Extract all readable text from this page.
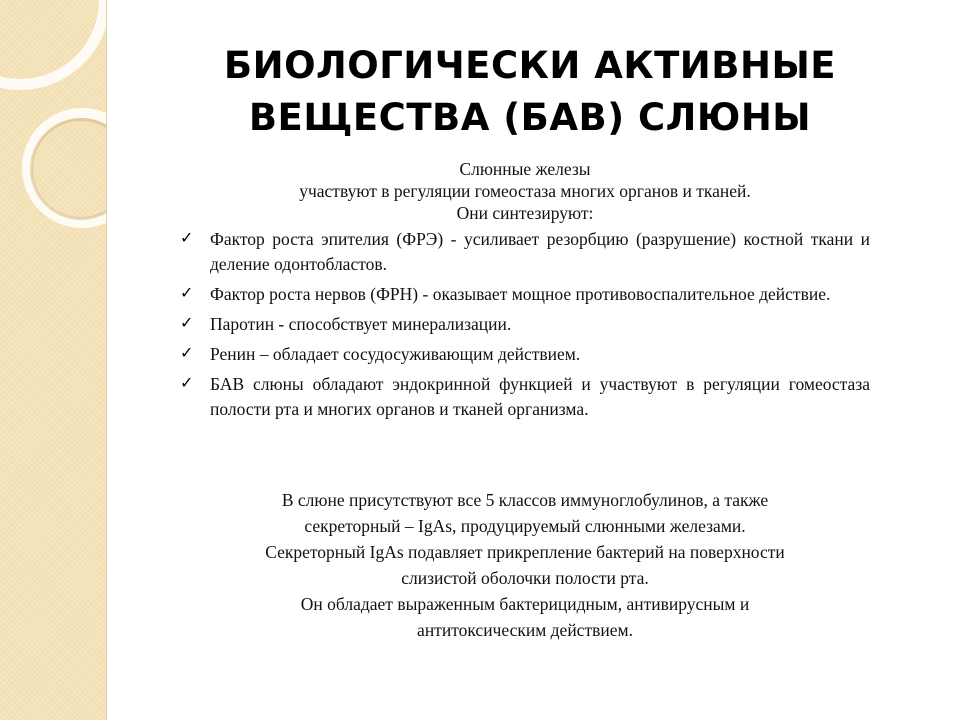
БИОЛОГИЧЕСКИ АКТИВНЫЕ
ВЕЩЕСТВА (БАВ) СЛЮНЫ

Слюнные железы

участвуют в регуляции гомеостаза многих органов и тканей.

Они синтезируют:

✓ Фактор роста эпителия (ФРЭ) - усиливает резорбцию (разрушение) костной ткани и деление одонтобластов.
✓ Фактор роста нервов (ФРН) - оказывает мощное противовоспалительное действие.
✓ Паротин - способствует минерализации.
✓ Ренин – обладает сосудосуживающим действием.
✓ БАВ слюны обладают эндокринной функцией и участвуют в регуляции гомеостаза полости рта и многих органов и тканей организма.

В слюне присутствуют все 5 классов иммуноглобулинов, а также

секреторный – IgAs, продуцируемый слюнными железами.

Секреторный IgAs подавляет прикрепление бактерий на поверхности

слизистой оболочки полости рта.

Он обладает выраженным бактерицидным, антивирусным и

антитоксическим действием.
